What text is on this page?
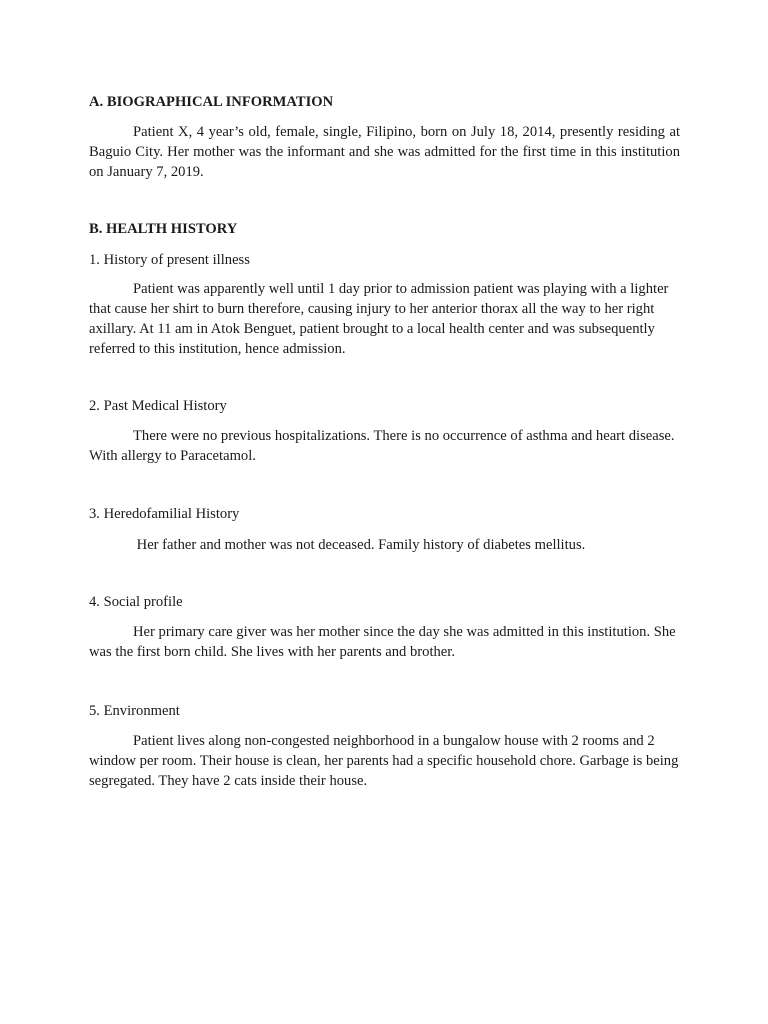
A. BIOGRAPHICAL INFORMATION

Patient X, 4 year’s old, female, single, Filipino, born on July 18, 2014, presently residing at Baguio City. Her mother was the informant and she was admitted for the first time in this institution on January 7, 2019.

B. HEALTH HISTORY

1. History of present illness

Patient was apparently well until 1 day prior to admission patient was playing with a lighter that cause her shirt to burn therefore, causing injury to her anterior thorax all the way to her right axillary. At 11 am in Atok Benguet, patient brought to a local health center and was subsequently referred to this institution, hence admission.

2. Past Medical History

There were no previous hospitalizations. There is no occurrence of asthma and heart disease. With allergy to Paracetamol.

3. Heredofamilial History

Her father and mother was not deceased. Family history of diabetes mellitus.

4. Social profile

Her primary care giver was her mother since the day she was admitted in this institution. She was the first born child. She lives with her parents and brother.

5. Environment

Patient lives along non-congested neighborhood in a bungalow house with 2 rooms and 2 window per room. Their house is clean, her parents had a specific household chore. Garbage is being segregated. They have 2 cats inside their house.
